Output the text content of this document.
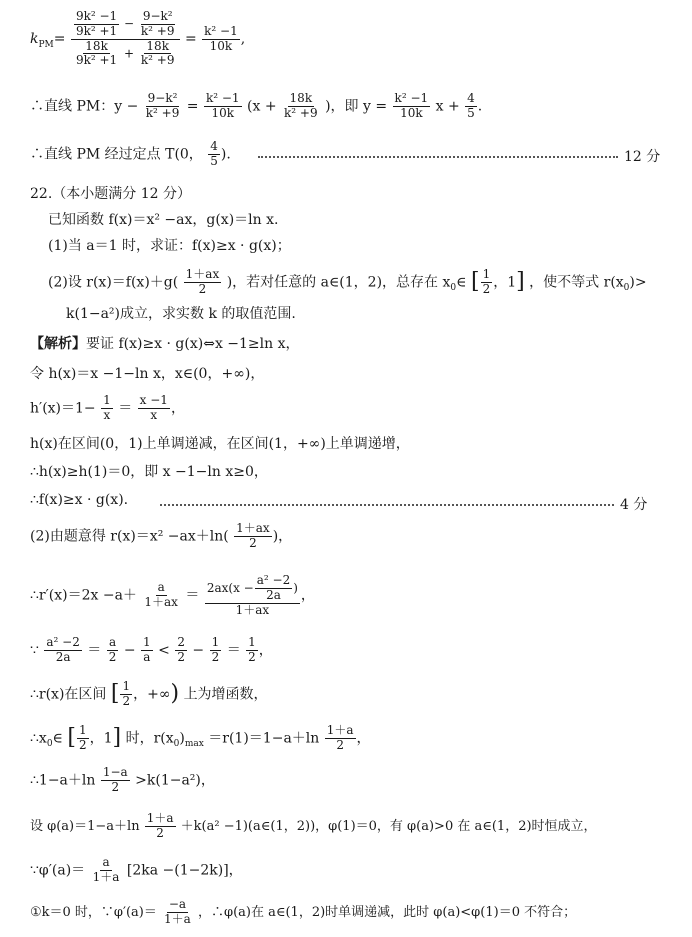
$k_{PM}= \frac{\frac{\text{9k² −1}}{\text{9k² +1}} - \frac{\text{9−k²}}{\text{k² +9}}}{\frac{18k}{\text{9k² +1}} + \frac{18k}{\text{k² +9}}} = \frac{\text{k² −1}}{10k}$ ,
∴直线 PM：$y - \frac{\text{9−k²}}{\text{k² +9}} = \frac{\text{k² −1}}{10k} (x + \frac{18k}{\text{k² +9}}$ )，即 $y = \frac{\text{k² −1}}{10k}$ $x + \frac{4}{5}$ .
∴直线 PM 经过定点 T(0， $\frac{4}{5}$ ).	12 分
22.（本小题满分 12 分）
已知函数 f(x)＝x² −ax，g(x)＝ln x.
(1)当 a＝1 时，求证：f(x)≥x · g(x)；
(2)设 $r(x)=f(x)+g( \frac{1+ax}{2}$ )，若对任意的 a∈(1，2)，总存在 $x_0\in$ [ $\frac{1}{2}$ ，1] ，使不等式 $r(x_0)>$
k(1−a²)成立，求实数 k 的取值范围.
【解析】要证 f(x)≥x · g(x)⇔x −1≥ln x，
令 h(x)＝x −1−ln x，x∈(0，+∞)，
$h'(x)=1- \frac{1}{x} = \frac{x -1}{x}$ ，
h(x)在区间(0，1)上单调递减，在区间(1，+∞)上单调递增，
∴h(x)≥h(1)＝0，即 x −1−ln x≥0，
∴f(x)≥x · g(x).	4 分
(2)由题意得 $r(x)=x^2 -ax+\ln( \frac{1+ax}{2}$ )，
∴r′(x)＝2x $-a+ \frac{a}{1+ax} = \frac{2ax(x - \frac{\text{a² −2}}{2a} )}{1+ax}$ ，
∵ $\frac{\text{a² −2}}{2a} = \frac{a}{2} - \frac{1}{a} < \frac{2}{2} - \frac{1}{2} = \frac{1}{2}$ ，
∴r(x)在区间 [ $\frac{1}{2}$ ，+∞) 上为增函数，
$\therefore x_0\in$ [ $\frac{1}{2}$ ，1] 时，$r(x_0)_{max} =r(1)=1-a+\ln \frac{1+a}{2}$ ，
∴1−a＋ln $\frac{1-a}{2} >k(1-a^2)$，
设 $\varphi(a)=1-a+\ln \frac{1+a}{2} +k(a^2$ −1)(a∈(1，2))，φ(1)＝0，有 φ(a)>0 在 a∈(1，2)时恒成立，
∵φ′(a)＝ $\frac{a}{1+a} [2ka -(1-2k)]$，
①k＝0 时，∵φ′(a)＝ $\frac{-a}{1+a}$ ，∴φ(a)在 a∈(1，2)时单调递减，此时 φ(a)<φ(1)＝0 不符合；
